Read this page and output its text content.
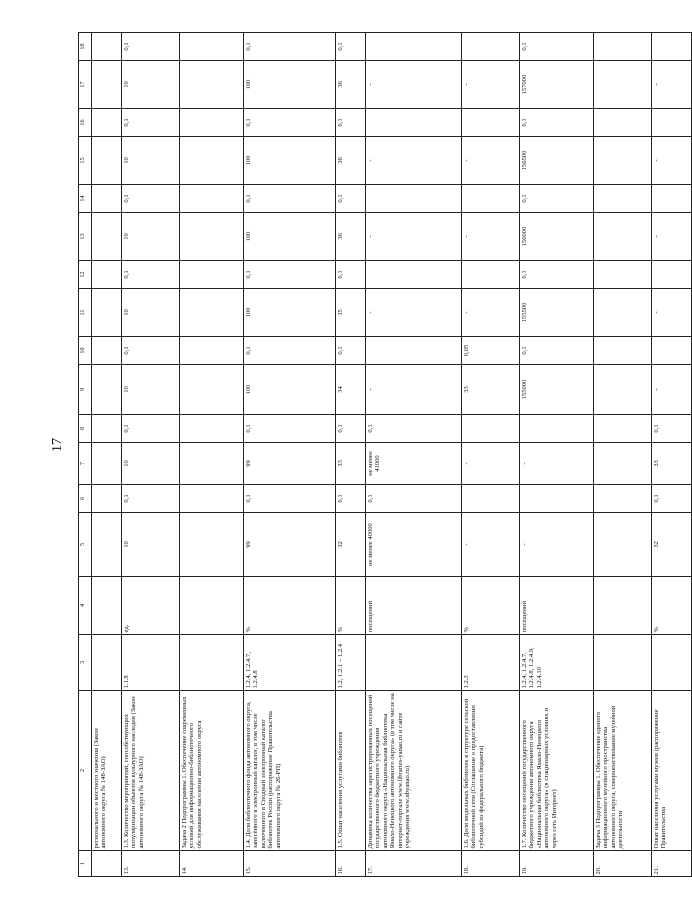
17
1	2	3	4	5	6	7	8	9	10	11	12	13	14	15	16	17	18
	регионального и местного значения (Закон автономного округа № 148-ЗАО)																
13.	1.3. Количество мероприятий, способствующих популяризации объектов культурного наследия (Закон автономного округа № 148-ЗАО)	1.1.8	ед.	10	0,1	10	0,1	10	0,1	10	0,1	10	0,1	10	0,1	10	0,1
14.	Задача 2 Подпрограммы 1. Обеспечение современных условий для информационно-библиотечного обслуживания населения автономного округа																
15.	1.4. Доля библиотечного фонда автономного округа, занесённого в электронный каталог, в том числе включенного в Сводный электронный каталог библиотек России (распоряжение Правительства автономного округа № 26-РП)	1.2.4, 1.2.4.7, 1.2.4.8	%	99	0,1	99	0,1	100	0,1	100	0,1	100	0,1	100	0,1	100	0,1
16.	1.5. Охват населения услугами библиотек	1.2, 1.2.1 – 1.2.4	%	32	0,1	33	0,1	34	0,1	35	0,1	36	0,1	36	0,1	36	0,1
17.	Динамика количества зарегистрированных посещений государственного бюджетного учреждения автономного округа «Национальная библиотека Ямало-Ненецкого автономного округа» (в том числе на интернет-портале www.libraries-yanao.ru и сайте учреждения www.nbyanao.ru)		посещений	не менее 40000	0,1	не менее 41000	0,1	-		-		-		-		-	
18.	1.6. Доля модельных библиотек в структуре сельской библиотечной сети (Соглашение о предоставлении субсидий из федерального бюджета)	1.2.3	%	-		-		33	0,05	-		-		-		-	
19.	1.7. Количество посещений государственного бюджетного учреждения автономного округа «Национальная библиотека Ямало-Ненецкого автономного округа» (в стационарных условиях и через сеть Интернет)	1.2.4, 1.2.4.7, 1.2.4.8, 1.2.4.9, 1.2.4.10	посещений	-		-		155000	0,1	155500	0,1	156000	0,1	156500	0,1	157000	0,1
20.	Задача 3 Подпрограммы 1. Обеспечение единого информационного музейного пространства автономного округа, совершенствование музейной деятельности																
21.	Охват населения услугами музеев (распоряжение Правительства		%	32	0,1	33	0,1	-		-		-		-		-	
